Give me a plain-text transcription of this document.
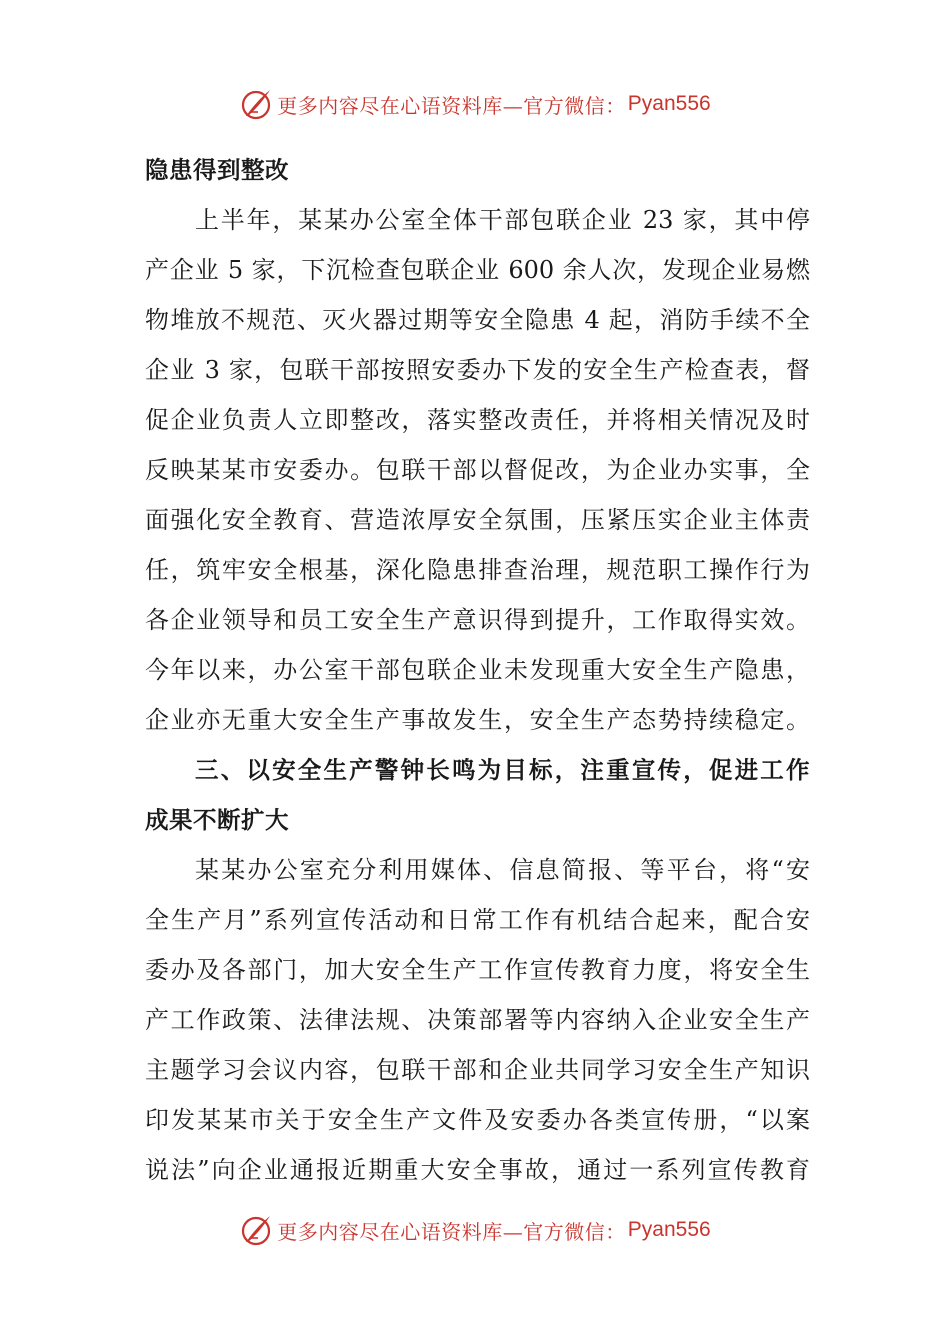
更多内容尽在心语资料库—官方微信： Pyan556
隐患得到整改
上半年，某某办公室全体干部包联企业 23 家，其中停
产企业 5 家，下沉检查包联企业 600 余人次，发现企业易燃
物堆放不规范、灭火器过期等安全隐患 4 起，消防手续不全
企业 3 家，包联干部按照安委办下发的安全生产检查表，督
促企业负责人立即整改，落实整改责任，并将相关情况及时
反映某某市安委办。包联干部以督促改，为企业办实事，全
面强化安全教育、营造浓厚安全氛围，压紧压实企业主体责
任，筑牢安全根基，深化隐患排查治理，规范职工操作行为
各企业领导和员工安全生产意识得到提升，工作取得实效。
今年以来，办公室干部包联企业未发现重大安全生产隐患，
企业亦无重大安全生产事故发生，安全生产态势持续稳定。
三、以安全生产警钟长鸣为目标，注重宣传，促进工作
成果不断扩大
某某办公室充分利用媒体、信息简报、等平台，将“安
全生产月”系列宣传活动和日常工作有机结合起来，配合安
委办及各部门，加大安全生产工作宣传教育力度，将安全生
产工作政策、法律法规、决策部署等内容纳入企业安全生产
主题学习会议内容，包联干部和企业共同学习安全生产知识
印发某某市关于安全生产文件及安委办各类宣传册，“以案
说法”向企业通报近期重大安全事故，通过一系列宣传教育
更多内容尽在心语资料库—官方微信： Pyan556
